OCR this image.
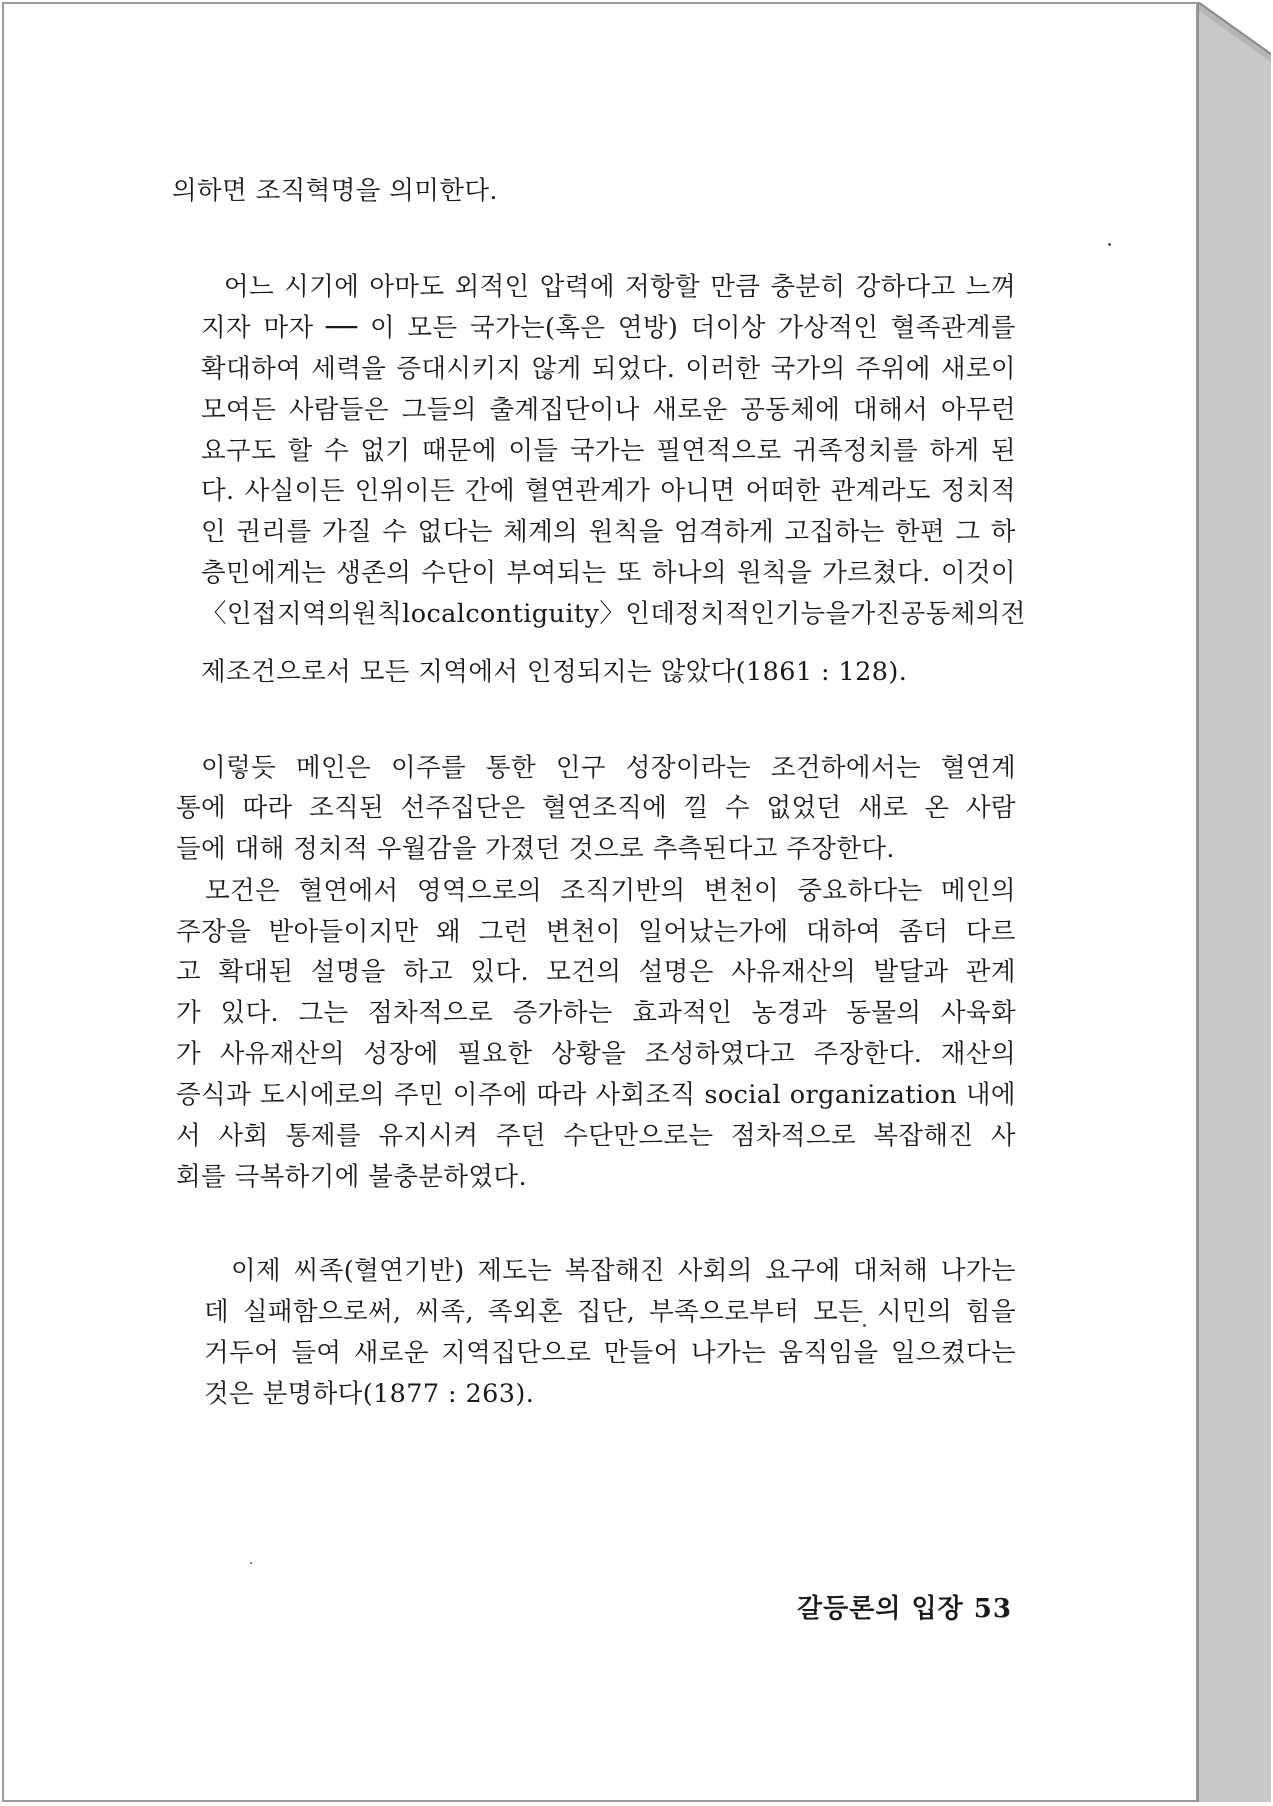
의하면 조직혁명을 의미한다.
어느 시기에 아마도 외적인 압력에 저항할 만큼 충분히 강하다고 느껴
지자 마자 ── 이 모든 국가는(혹은 연방) 더이상 가상적인 혈족관계를
확대하여 세력을 증대시키지 않게 되었다. 이러한 국가의 주위에 새로이
모여든 사람들은 그들의 출계집단이나 새로운 공동체에 대해서 아무런
요구도 할 수 없기 때문에 이들 국가는 필연적으로 귀족정치를 하게 된
다. 사실이든 인위이든 간에 혈연관계가 아니면 어떠한 관계라도 정치적
인 권리를 가질 수 없다는 체계의 원칙을 엄격하게 고집하는 한편 그 하
층민에게는 생존의 수단이 부여되는 또 하나의 원칙을 가르쳤다. 이것이
〈인접지역의 원칙 local contiguity〉인데 정치적인 기능을 가진 공동체의 전
제조건으로서 모든 지역에서 인정되지는 않았다(1861 : 128).
이렇듯 메인은 이주를 통한 인구 성장이라는 조건하에서는 혈연계
통에 따라 조직된 선주집단은 혈연조직에 낄 수 없었던 새로 온 사람
들에 대해 정치적 우월감을 가졌던 것으로 추측된다고 주장한다.
모건은 혈연에서 영역으로의 조직기반의 변천이 중요하다는 메인의
주장을 받아들이지만 왜 그런 변천이 일어났는가에 대하여 좀더 다르
고 확대된 설명을 하고 있다. 모건의 설명은 사유재산의 발달과 관계
가 있다. 그는 점차적으로 증가하는 효과적인 농경과 동물의 사육화
가 사유재산의 성장에 필요한 상황을 조성하였다고 주장한다. 재산의
증식과 도시에로의 주민 이주에 따라 사회조직 social organization 내에
서 사회 통제를 유지시켜 주던 수단만으로는 점차적으로 복잡해진 사
회를 극복하기에 불충분하였다.
이제 씨족(혈연기반) 제도는 복잡해진 사회의 요구에 대처해 나가는
데 실패함으로써, 씨족, 족외혼 집단, 부족으로부터 모든 시민의 힘을
거두어 들여 새로운 지역집단으로 만들어 나가는 움직임을 일으켰다는
것은 분명하다(1877 : 263).
갈등론의 입장 53
